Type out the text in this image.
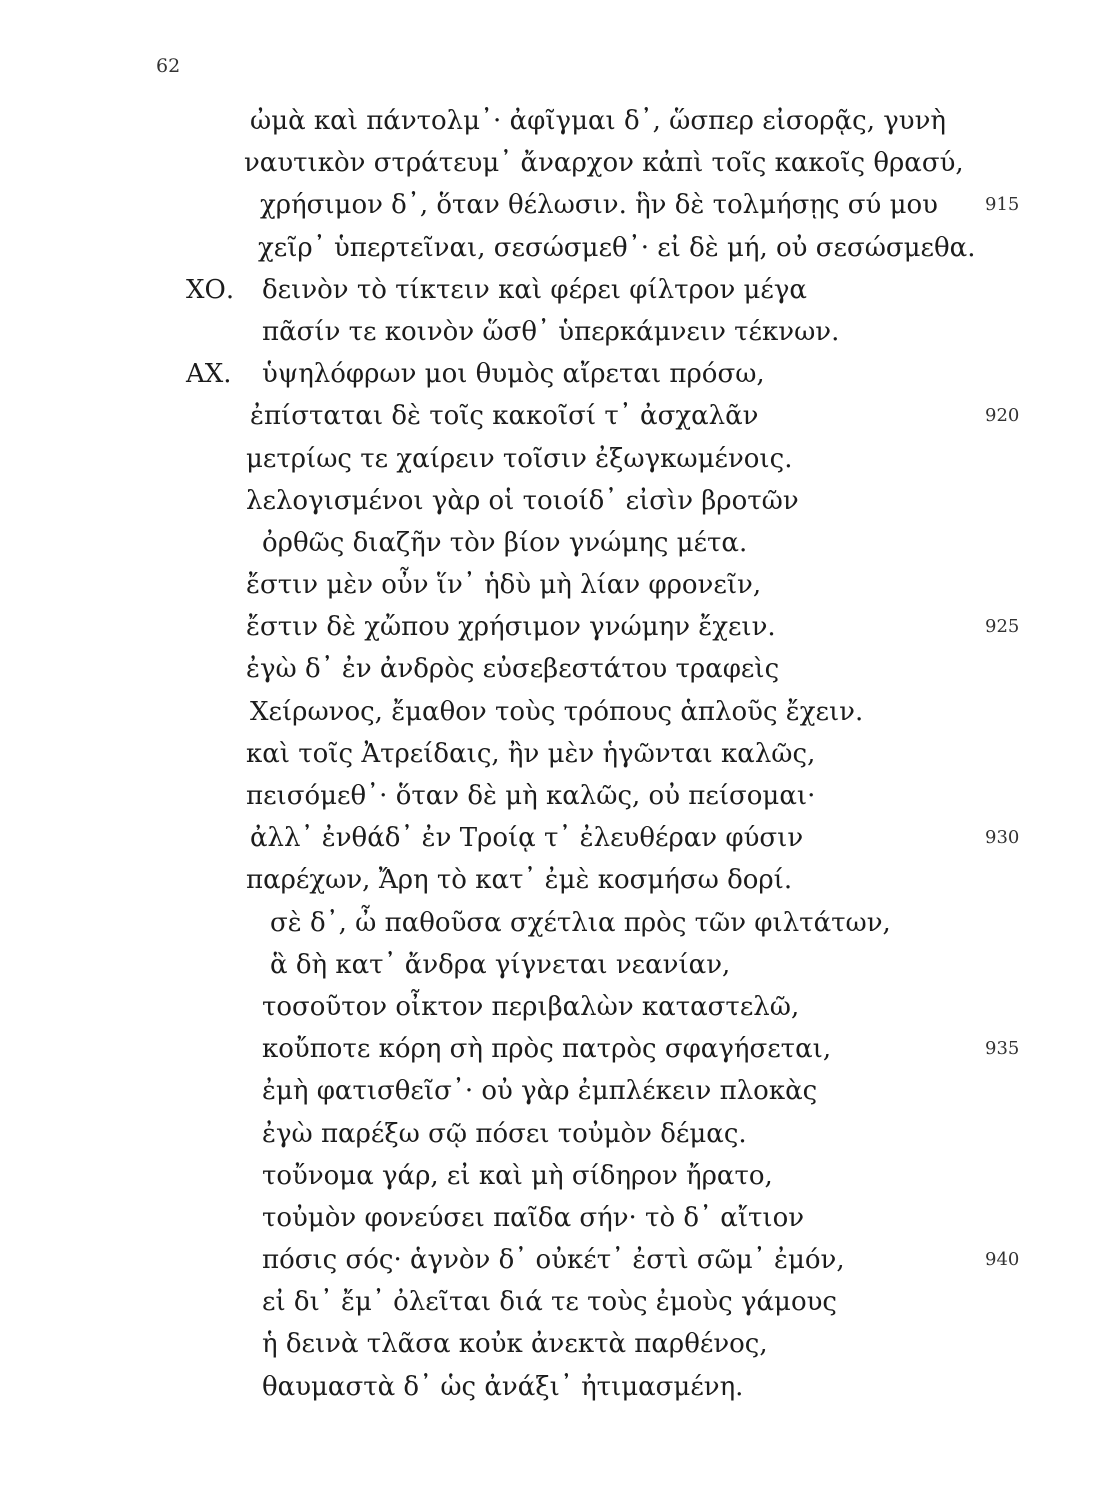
62
ὠμὰ καὶ πάντολμ᾽· ἀφῖγμαι δ᾽, ὥσπερ εἰσορᾷς, γυνὴ
ναυτικὸν στράτευμ᾽ ἄναρχον κἀπὶ τοῖς κακοῖς θρασύ,
χρήσιμον δ᾽, ὅταν θέλωσιν. ἣν δὲ τολμήσῃς σύ μου	915
χεῖρ᾽ ὑπερτεῖναι, σεσώσμεθ᾽· εἰ δὲ μή, οὐ σεσώσμεθα.
ΧΟ. δεινὸν τὸ τίκτειν καὶ φέρει φίλτρον μέγα
πᾶσίν τε κοινὸν ὥσθ᾽ ὑπερκάμνειν τέκνων.
ΑΧ. ὑψηλόφρων μοι θυμὸς αἴρεται πρόσω,
ἐπίσταται δὲ τοῖς κακοῖσί τ᾽ ἀσχαλᾶν	920
μετρίως τε χαίρειν τοῖσιν ἐξωγκωμένοις.
λελογισμένοι γὰρ οἱ τοιοίδ᾽ εἰσὶν βροτῶν
ὀρθῶς διαζῆν τὸν βίον γνώμης μέτα.
ἔστιν μὲν οὖν ἵν᾽ ἡδὺ μὴ λίαν φρονεῖν,
ἔστιν δὲ χὤπου χρήσιμον γνώμην ἔχειν.	925
ἐγὼ δ᾽ ἐν ἀνδρὸς εὐσεβεστάτου τραφεὶς
Χείρωνος, ἔμαθον τοὺς τρόπους ἁπλοῦς ἔχειν.
καὶ τοῖς Ἀτρείδαις, ἢν μὲν ἡγῶνται καλῶς,
πεισόμεθ᾽· ὅταν δὲ μὴ καλῶς, οὐ πείσομαι·
ἀλλ᾽ ἐνθάδ᾽ ἐν Τροίᾳ τ᾽ ἐλευθέραν φύσιν	930
παρέχων, Ἄρη τὸ κατ᾽ ἐμὲ κοσμήσω δορί.
σὲ δ᾽, ὦ παθοῦσα σχέτλια πρὸς τῶν φιλτάτων,
ἃ δὴ κατ᾽ ἄνδρα γίγνεται νεανίαν,
τοσοῦτον οἶκτον περιβαλὼν καταστελῶ,
κοὔποτε κόρη σὴ πρὸς πατρὸς σφαγήσεται,	935
ἐμὴ φατισθεῖσ᾽· οὐ γὰρ ἐμπλέκειν πλοκὰς
ἐγὼ παρέξω σῷ πόσει τοὐμὸν δέμας.
τοὔνομα γάρ, εἰ καὶ μὴ σίδηρον ἤρατο,
τοὐμὸν φονεύσει παῖδα σήν· τὸ δ᾽ αἴτιον
πόσις σός· ἁγνὸν δ᾽ οὐκέτ᾽ ἐστὶ σῶμ᾽ ἐμόν,	940
εἰ δι᾽ ἔμ᾽ ὀλεῖται διά τε τοὺς ἐμοὺς γάμους
ἡ δεινὰ τλᾶσα κοὐκ ἀνεκτὰ παρθένος,
θαυμαστὰ δ᾽ ὡς ἀνάξι᾽ ἠτιμασμένη.
